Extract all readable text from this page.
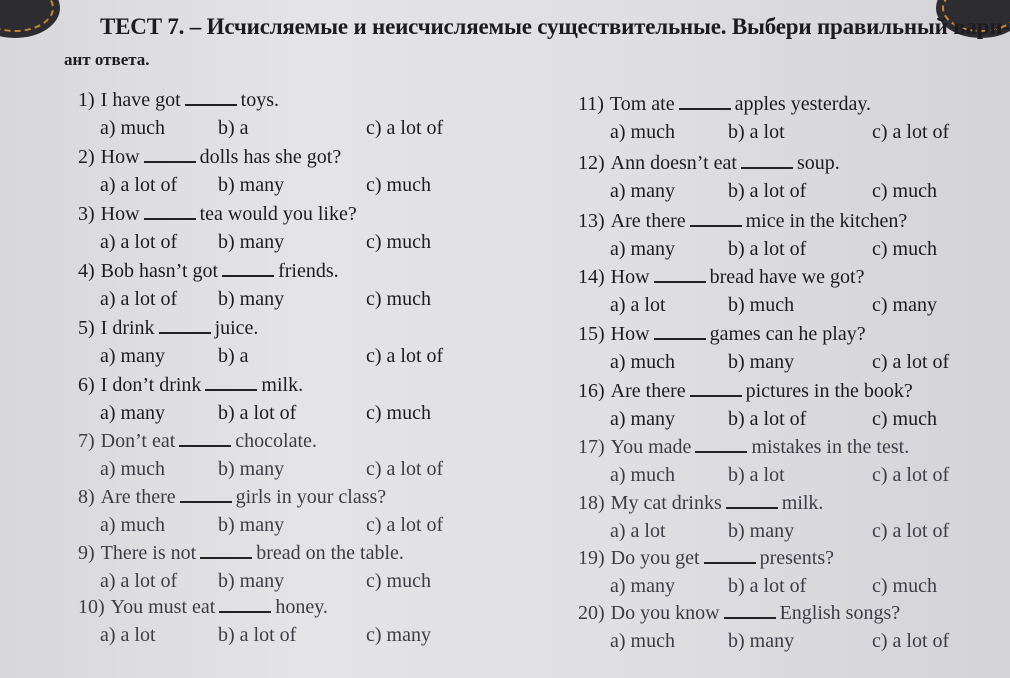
ТЕСТ 7. – Исчисляемые и неисчисляемые существительные. Выбери правильный вари-
ант ответа.
1) I have got	toys.
a) much	b) a	c) a lot of
2) How	dolls has she got?
a) a lot of b) many	c) much
3) How	tea would you like?
a) a lot of b) many	c) much
4) Bob hasn’t got	friends.
a) a lot of b) many	c) much
5) I drink	juice.
a) many	b) a	c) a lot of
6) I don’t drink	milk.
a) many	b) a lot of	c) much
7) Don’t eat	chocolate.
a) much	b) many	c) a lot of
8) Are there	girls in your class?
a) much	b) many	c) a lot of
9) There is not	bread on the table.
a) a lot of b) many	c) much
10) You must eat	honey.
a) a lot	b) a lot of	c) many
11) Tom ate	apples yesterday.
a) much	b) a lot	c) a lot of
12) Ann doesn’t eat	soup.
a) many	b) a lot of	c) much
13) Are there	mice in the kitchen?
a) many	b) a lot of	c) much
14) How	bread have we got?
a) a lot	b) much	c) many
15) How	games can he play?
a) much	b) many	c) a lot of
16) Are there	pictures in the book?
a) many	b) a lot of	c) much
17) You made	mistakes in the test.
a) much	b) a lot	c) a lot of
18) My cat drinks	milk.
a) a lot	b) many	c) a lot of
19) Do you get	presents?
a) many	b) a lot of	c) much
20) Do you know	English songs?
a) much	b) many	c) a lot of
